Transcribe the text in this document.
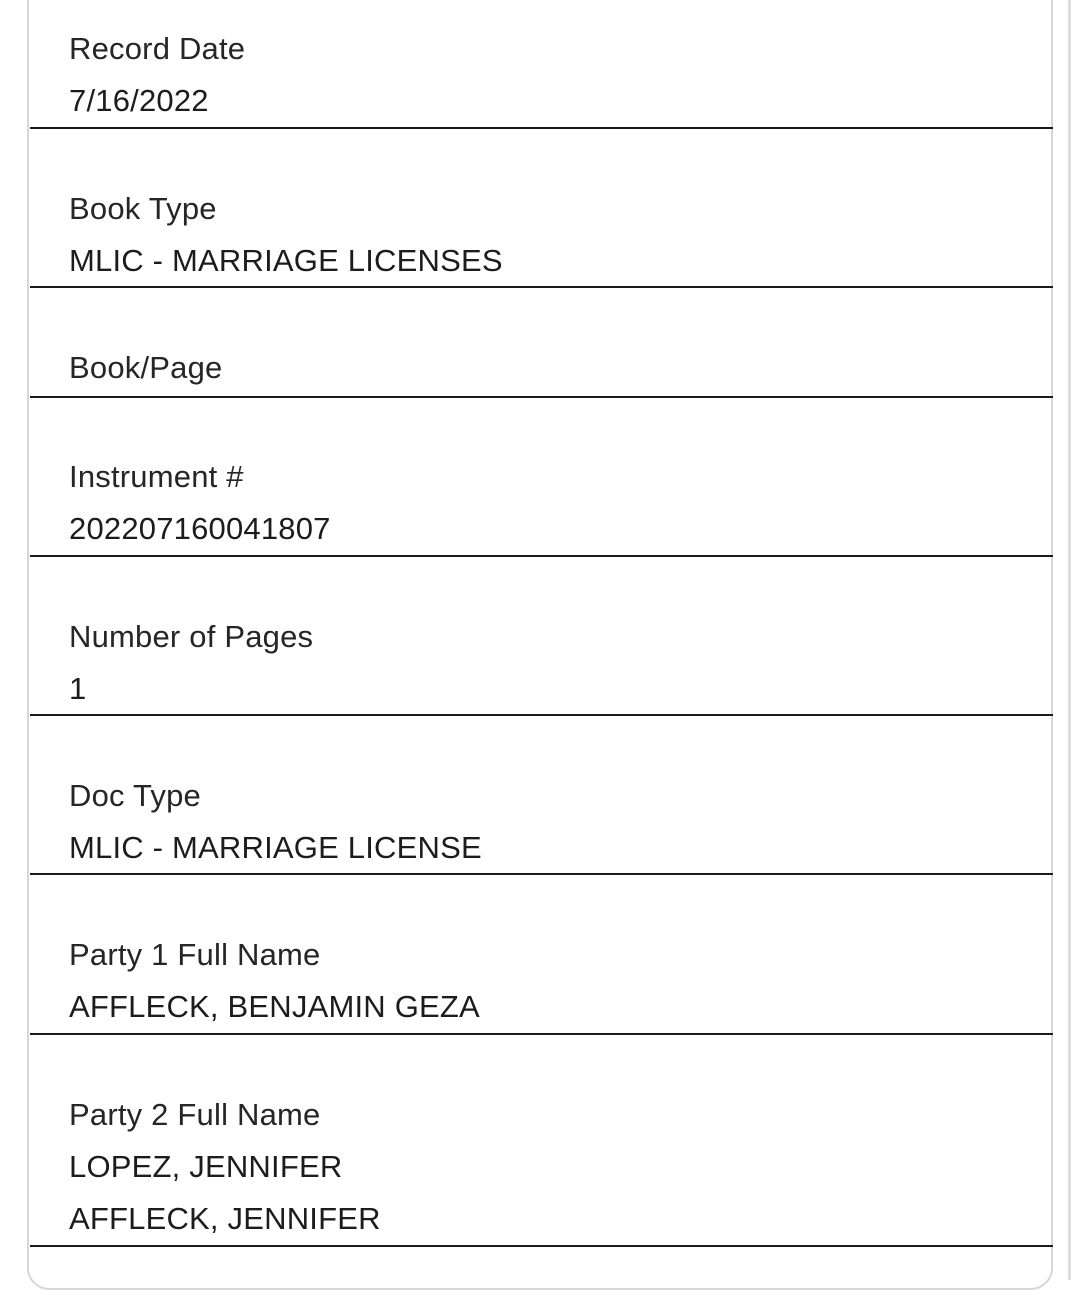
Record Date
7/16/2022
Book Type
MLIC - MARRIAGE LICENSES
Book/Page
Instrument #
202207160041807
Number of Pages
1
Doc Type
MLIC - MARRIAGE LICENSE
Party 1 Full Name
AFFLECK, BENJAMIN GEZA
Party 2 Full Name
LOPEZ, JENNIFER
AFFLECK, JENNIFER
